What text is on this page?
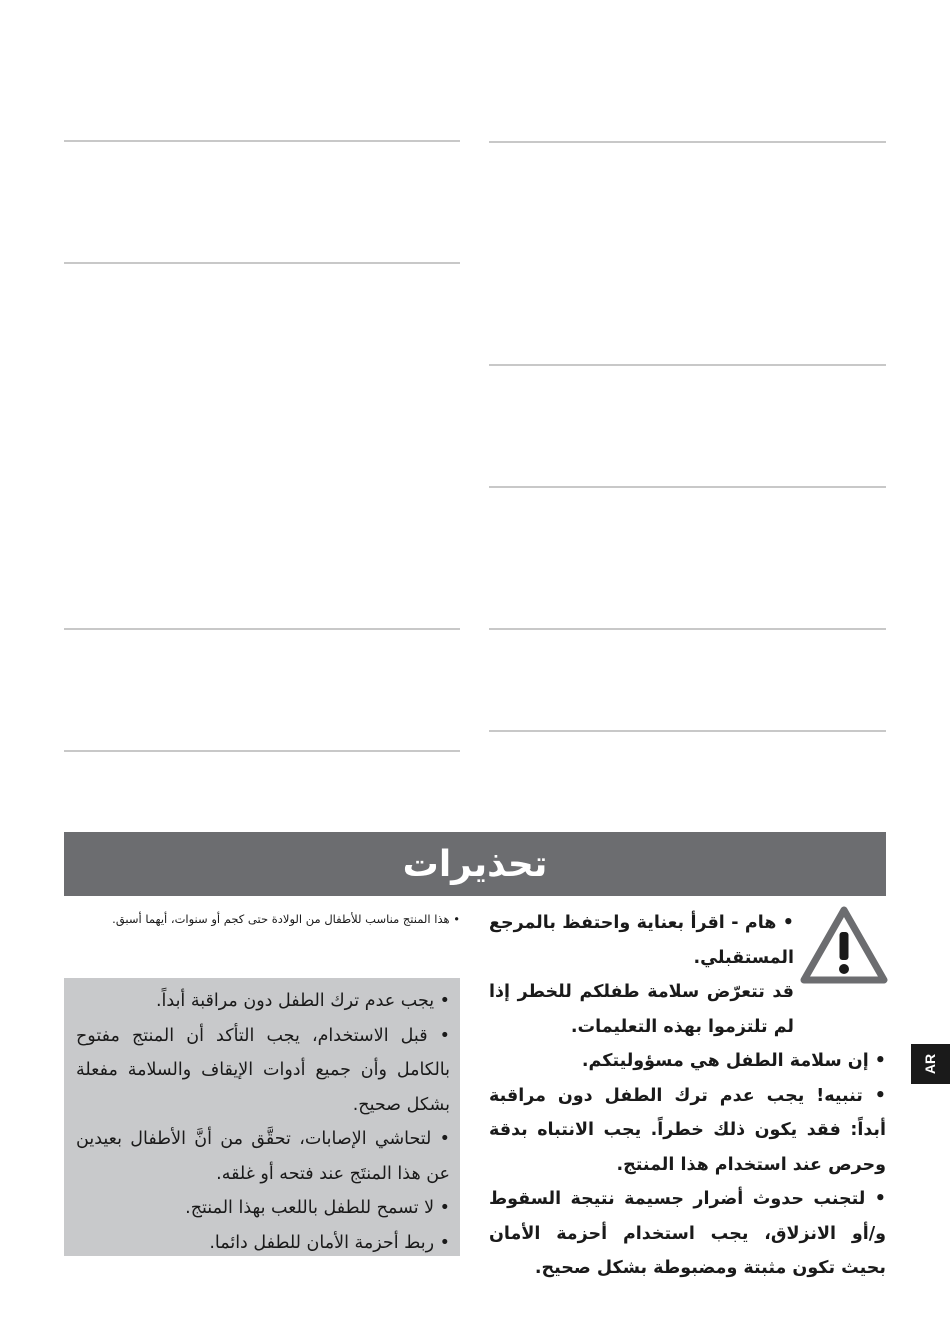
تحذيرات
AR

• هام - اقرأ بعناية واحتفظ بالمرجع المستقبلي.

قد تتعرّض سلامة طفلكم للخطر إذا لم تلتزموا بهذه التعليمات.

• إن سلامة الطفل هي مسؤوليتكم.

• تنبيه! يجب عدم ترك الطفل دون مراقبة أبداً: فقد يكون ذلك خطراً. يجب الانتباه بدقة وحرص عند استخدام هذا المنتج.

• لتجنب حدوث أضرار جسيمة نتيجة السقوط و/أو الانزلاق، يجب استخدام أحزمة الأمان بحيث تكون مثبتة ومضبوطة بشكل صحيح.

• هذا المنتج مناسب للأطفال من الولادة حتى كجم أو سنوات، أيهما أسبق.

• يجب عدم ترك الطفل دون مراقبة أبداً.
• قبل الاستخدام، يجب التأكد أن المنتج مفتوح بالكامل وأن جميع أدوات الإيقاف والسلامة مفعلة بشكل صحيح.
• لتحاشي الإصابات، تحقَّق من أنَّ الأطفال بعيدين عن هذا المنتَج عند فتحه أو غلقه.
• لا تسمح للطفل باللعب بهذا المنتج.
• ربط أحزمة الأمان للطفل دائما.
